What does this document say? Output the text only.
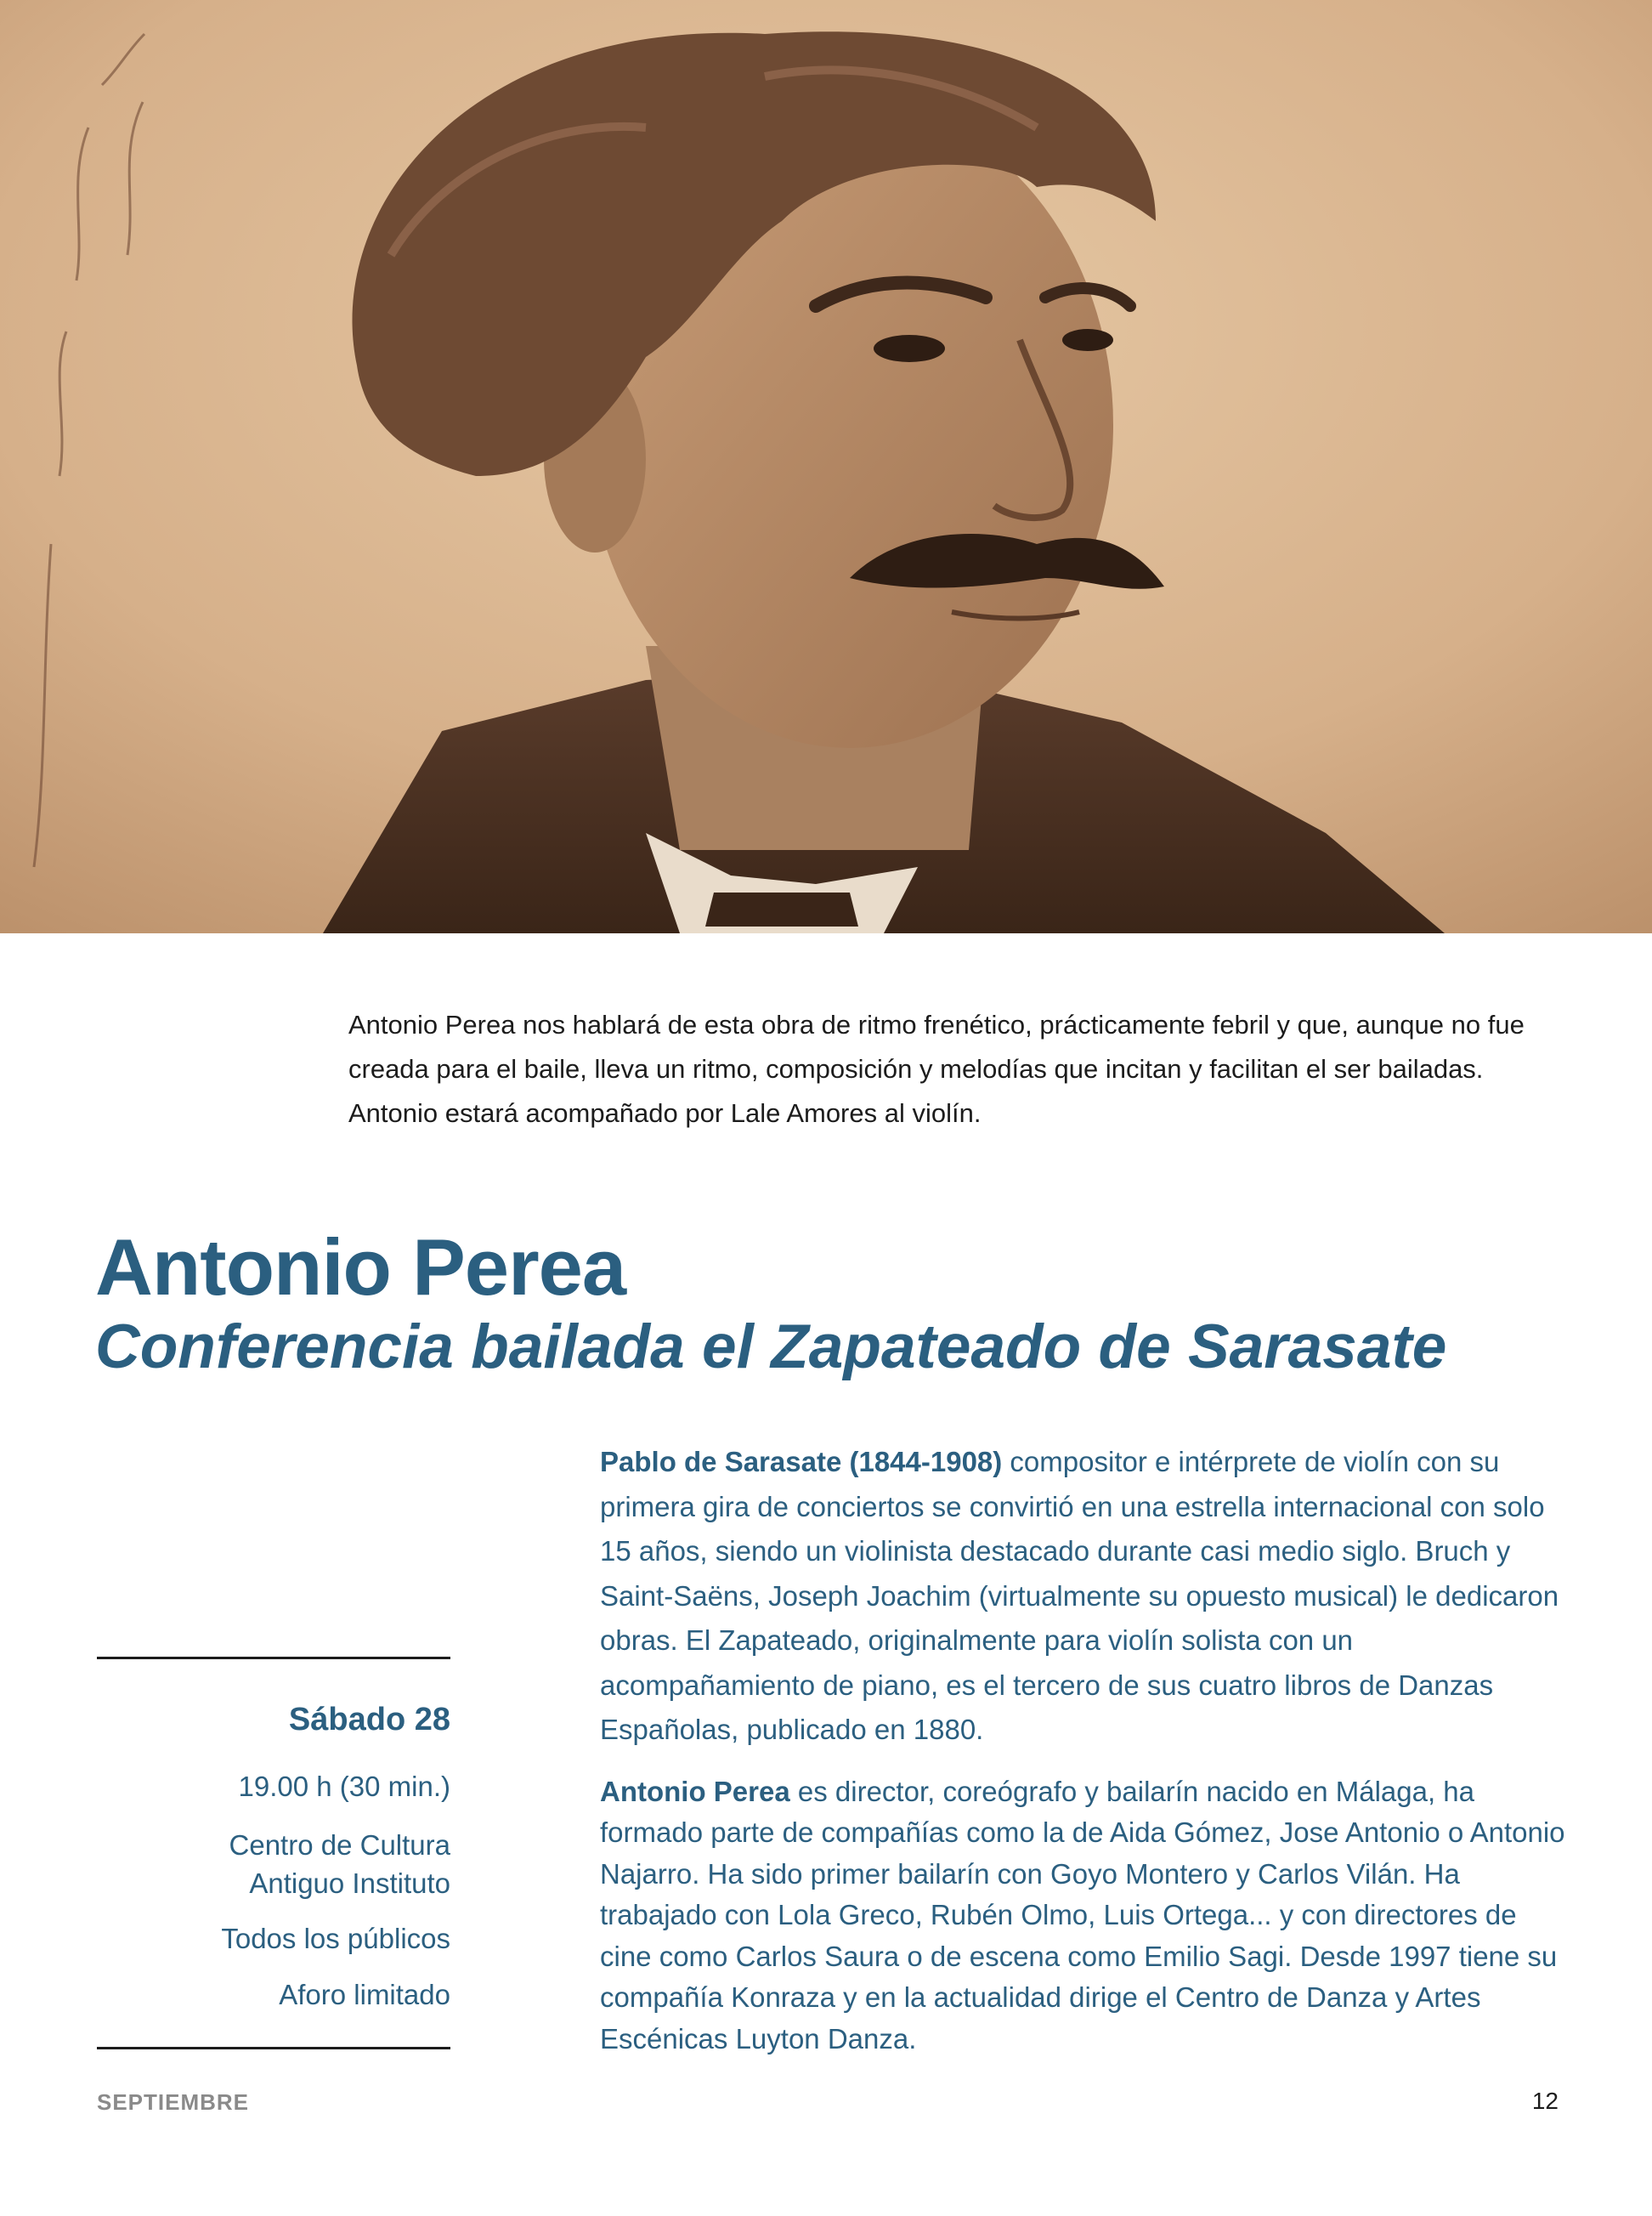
Antonio Perea nos hablará de esta obra de ritmo frenético, prácticamente febril y que, aunque no fue creada para el baile, lleva un ritmo, composición y melodías que incitan y facilitan el ser bailadas. Antonio estará acompañado por Lale Amores al violín.

Antonio Perea
Conferencia bailada el Zapateado de Sarasate

Pablo de Sarasate (1844-1908) compositor e intérprete de violín con su primera gira de conciertos se convirtió en una estrella internacional con solo 15 años, siendo un violinista destacado durante casi medio siglo. Bruch y Saint-Saëns, Joseph Joachim (virtualmente su opuesto musical) le dedicaron obras. El Zapateado, originalmente para violín solista con un acompañamiento de piano, es el tercero de sus cuatro libros de Danzas Españolas, publicado en 1880.

Antonio Perea es director, coreógrafo y bailarín nacido en Málaga, ha formado parte de compañías como la de Aida Gómez, Jose Antonio o Antonio Najarro. Ha sido primer bailarín con Goyo Montero y Carlos Vilán. Ha trabajado con Lola Greco, Rubén Olmo, Luis Ortega... y con directores de cine como Carlos Saura o de escena como Emilio Sagi. Desde 1997 tiene su compañía Konraza y en la actualidad dirige el Centro de Danza y Artes Escénicas Luyton Danza.

Sábado 28

19.00 h (30 min.)

Centro de Cultura
Antiguo Instituto

Todos los públicos

Aforo limitado

SEPTIEMBRE	12
